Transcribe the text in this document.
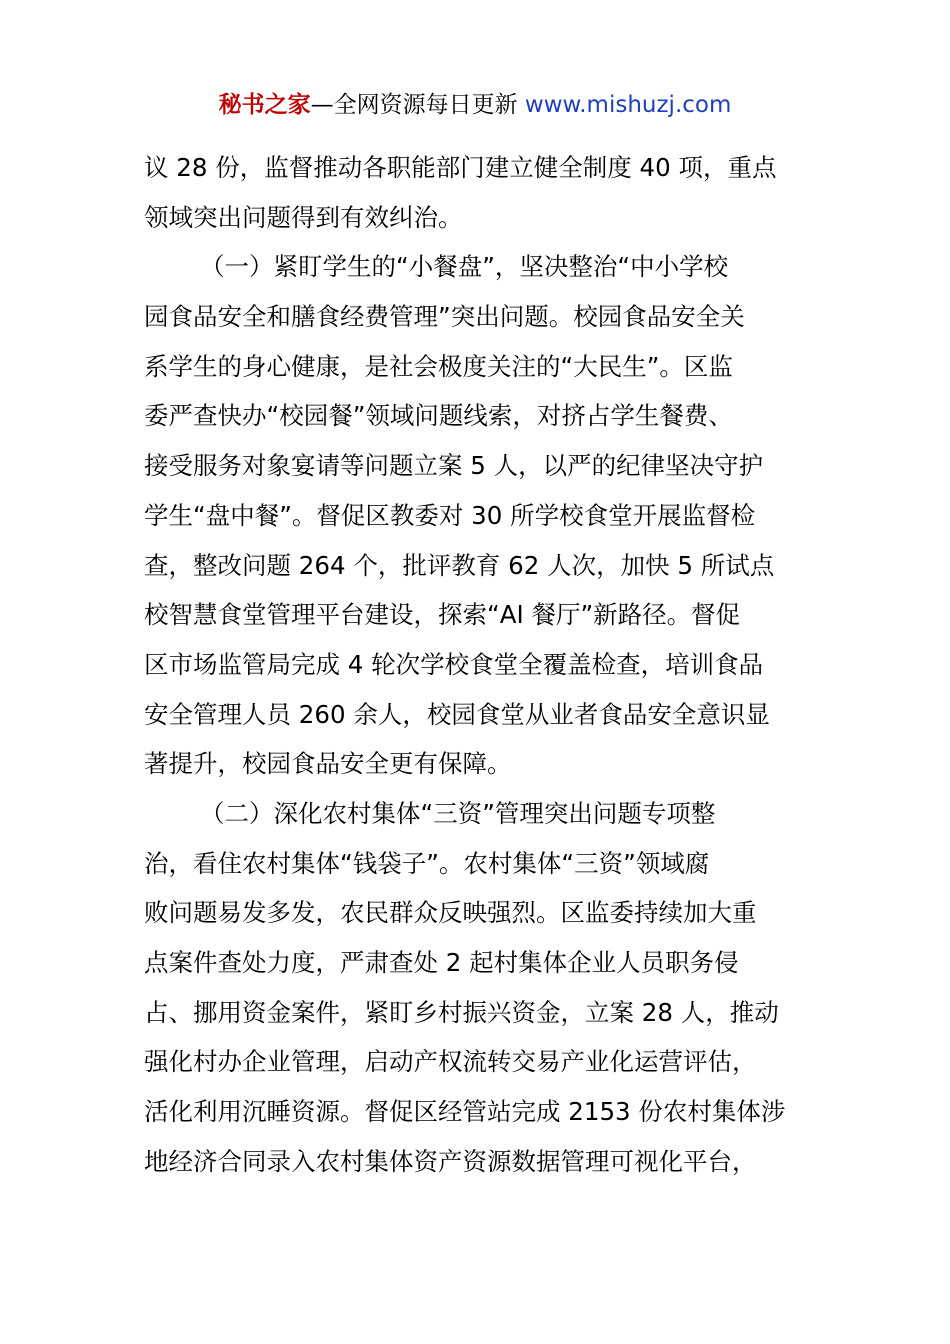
秘书之家—全网资源每日更新 www.mishuzj.com
议 28 份，监督推动各职能部门建立健全制度 40 项，重点
领域突出问题得到有效纠治。
（一）紧盯学生的“小餐盘”，坚决整治“中小学校
园食品安全和膳食经费管理”突出问题。校园食品安全关
系学生的身心健康，是社会极度关注的“大民生”。区监
委严查快办“校园餐”领域问题线索，对挤占学生餐费、
接受服务对象宴请等问题立案 5 人，以严的纪律坚决守护
学生“盘中餐”。督促区教委对 30 所学校食堂开展监督检
查，整改问题 264 个，批评教育 62 人次，加快 5 所试点
校智慧食堂管理平台建设，探索“AI 餐厅”新路径。督促
区市场监管局完成 4 轮次学校食堂全覆盖检查，培训食品
安全管理人员 260 余人，校园食堂从业者食品安全意识显
著提升，校园食品安全更有保障。
（二）深化农村集体“三资”管理突出问题专项整
治，看住农村集体“钱袋子”。农村集体“三资”领域腐
败问题易发多发，农民群众反映强烈。区监委持续加大重
点案件查处力度，严肃查处 2 起村集体企业人员职务侵
占、挪用资金案件，紧盯乡村振兴资金，立案 28 人，推动
强化村办企业管理，启动产权流转交易产业化运营评估，
活化利用沉睡资源。督促区经管站完成 2153 份农村集体涉
地经济合同录入农村集体资产资源数据管理可视化平台，
